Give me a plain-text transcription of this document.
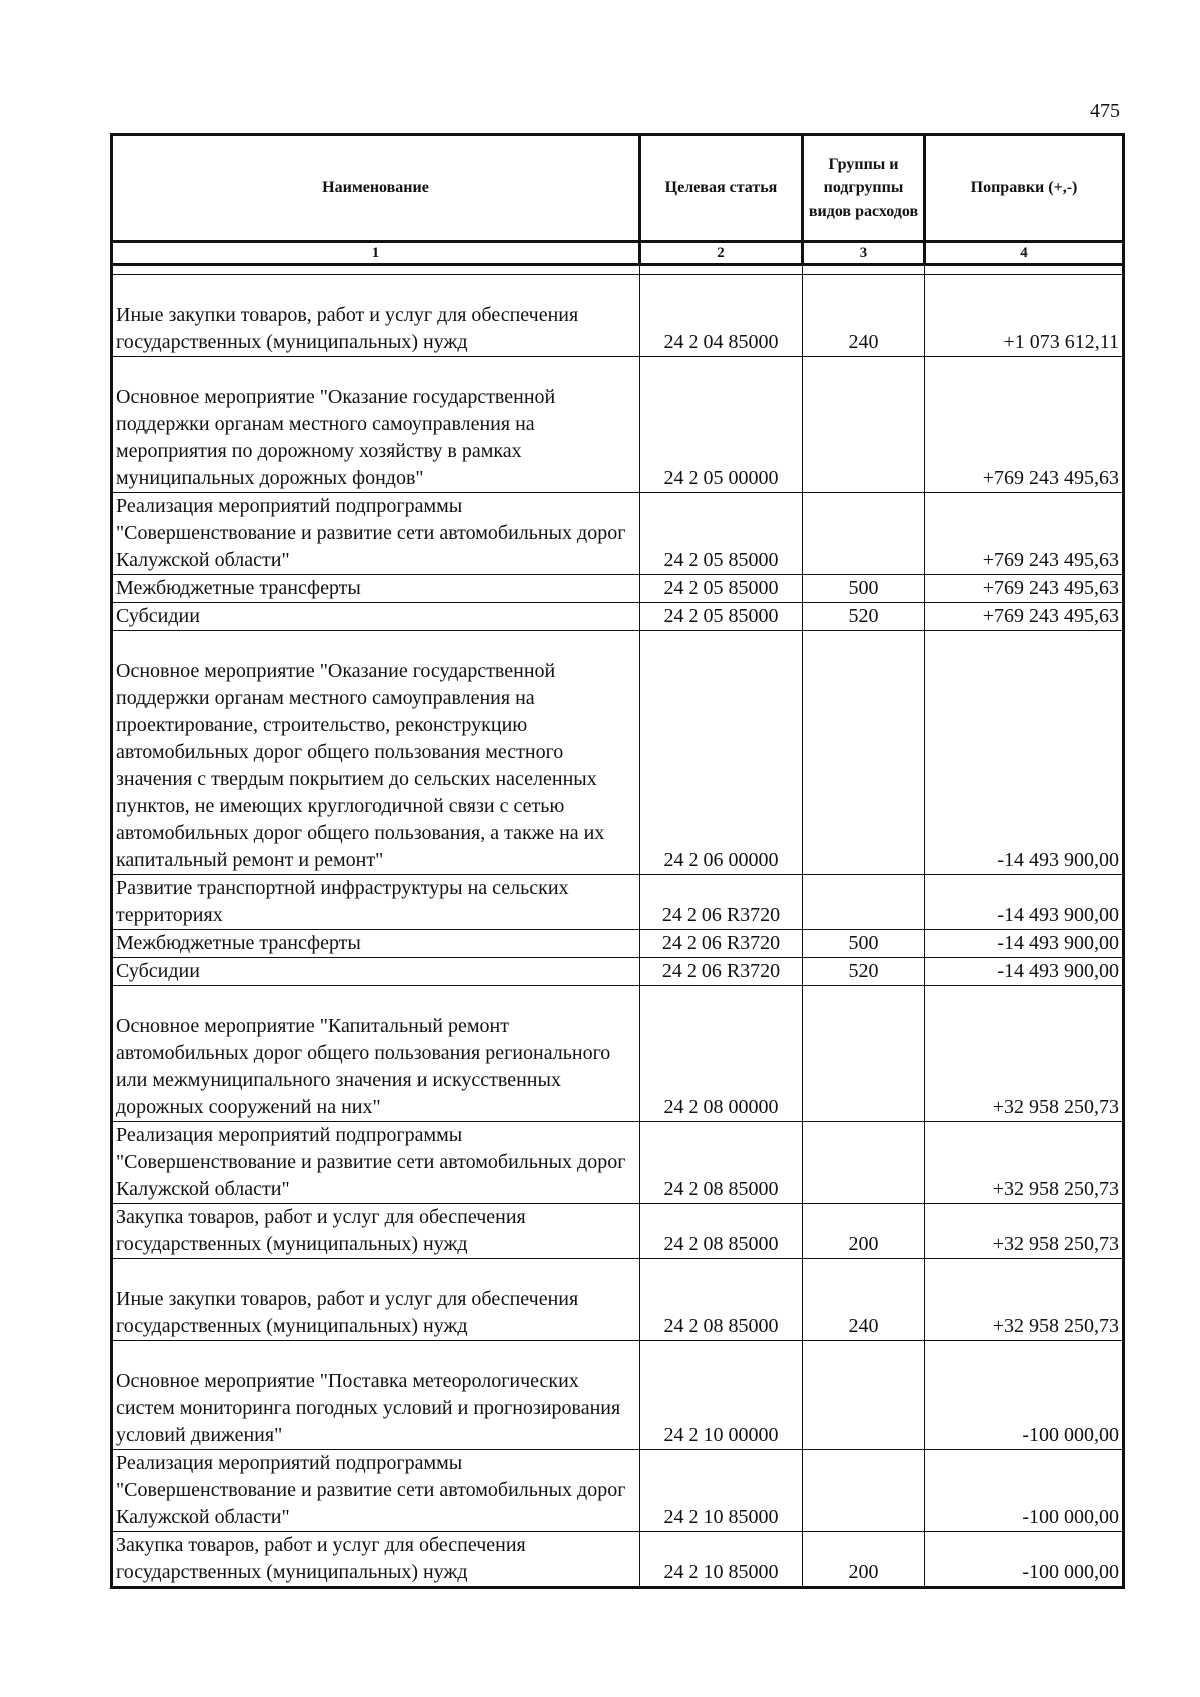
475
Наименование	Целевая статья	Группы и подгруппы видов расходов	Поправки (+,-)
1	2	3	4

Иные закупки товаров, работ и услуг для обеспечения государственных (муниципальных) нужд	24 2 04 85000	240	+1 073 612,11
Основное мероприятие "Оказание государственной поддержки органам местного самоуправления на мероприятия по дорожному хозяйству в рамках муниципальных дорожных фондов"	24 2 05 00000		+769 243 495,63
Реализация мероприятий подпрограммы "Совершенствование и развитие сети автомобильных дорог Калужской области"	24 2 05 85000		+769 243 495,63
Межбюджетные трансферты	24 2 05 85000	500	+769 243 495,63
Субсидии	24 2 05 85000	520	+769 243 495,63
Основное мероприятие "Оказание государственной поддержки органам местного самоуправления на проектирование, строительство, реконструкцию автомобильных дорог общего пользования местного значения с твердым покрытием до сельских населенных пунктов, не имеющих круглогодичной связи с сетью автомобильных дорог общего пользования, а также на их капитальный ремонт и ремонт"	24 2 06 00000		-14 493 900,00
Развитие транспортной инфраструктуры на сельских территориях	24 2 06 R3720		-14 493 900,00
Межбюджетные трансферты	24 2 06 R3720	500	-14 493 900,00
Субсидии	24 2 06 R3720	520	-14 493 900,00
Основное мероприятие "Капитальный ремонт автомобильных дорог общего пользования регионального или межмуниципального значения и искусственных дорожных сооружений на них"	24 2 08 00000		+32 958 250,73
Реализация мероприятий подпрограммы "Совершенствование и развитие сети автомобильных дорог Калужской области"	24 2 08 85000		+32 958 250,73
Закупка товаров, работ и услуг для обеспечения государственных (муниципальных) нужд	24 2 08 85000	200	+32 958 250,73
Иные закупки товаров, работ и услуг для обеспечения государственных (муниципальных) нужд	24 2 08 85000	240	+32 958 250,73
Основное мероприятие "Поставка метеорологических систем мониторинга погодных условий и прогнозирования условий движения"	24 2 10 00000		-100 000,00
Реализация мероприятий подпрограммы "Совершенствование и развитие сети автомобильных дорог Калужской области"	24 2 10 85000		-100 000,00
Закупка товаров, работ и услуг для обеспечения государственных (муниципальных) нужд	24 2 10 85000	200	-100 000,00
